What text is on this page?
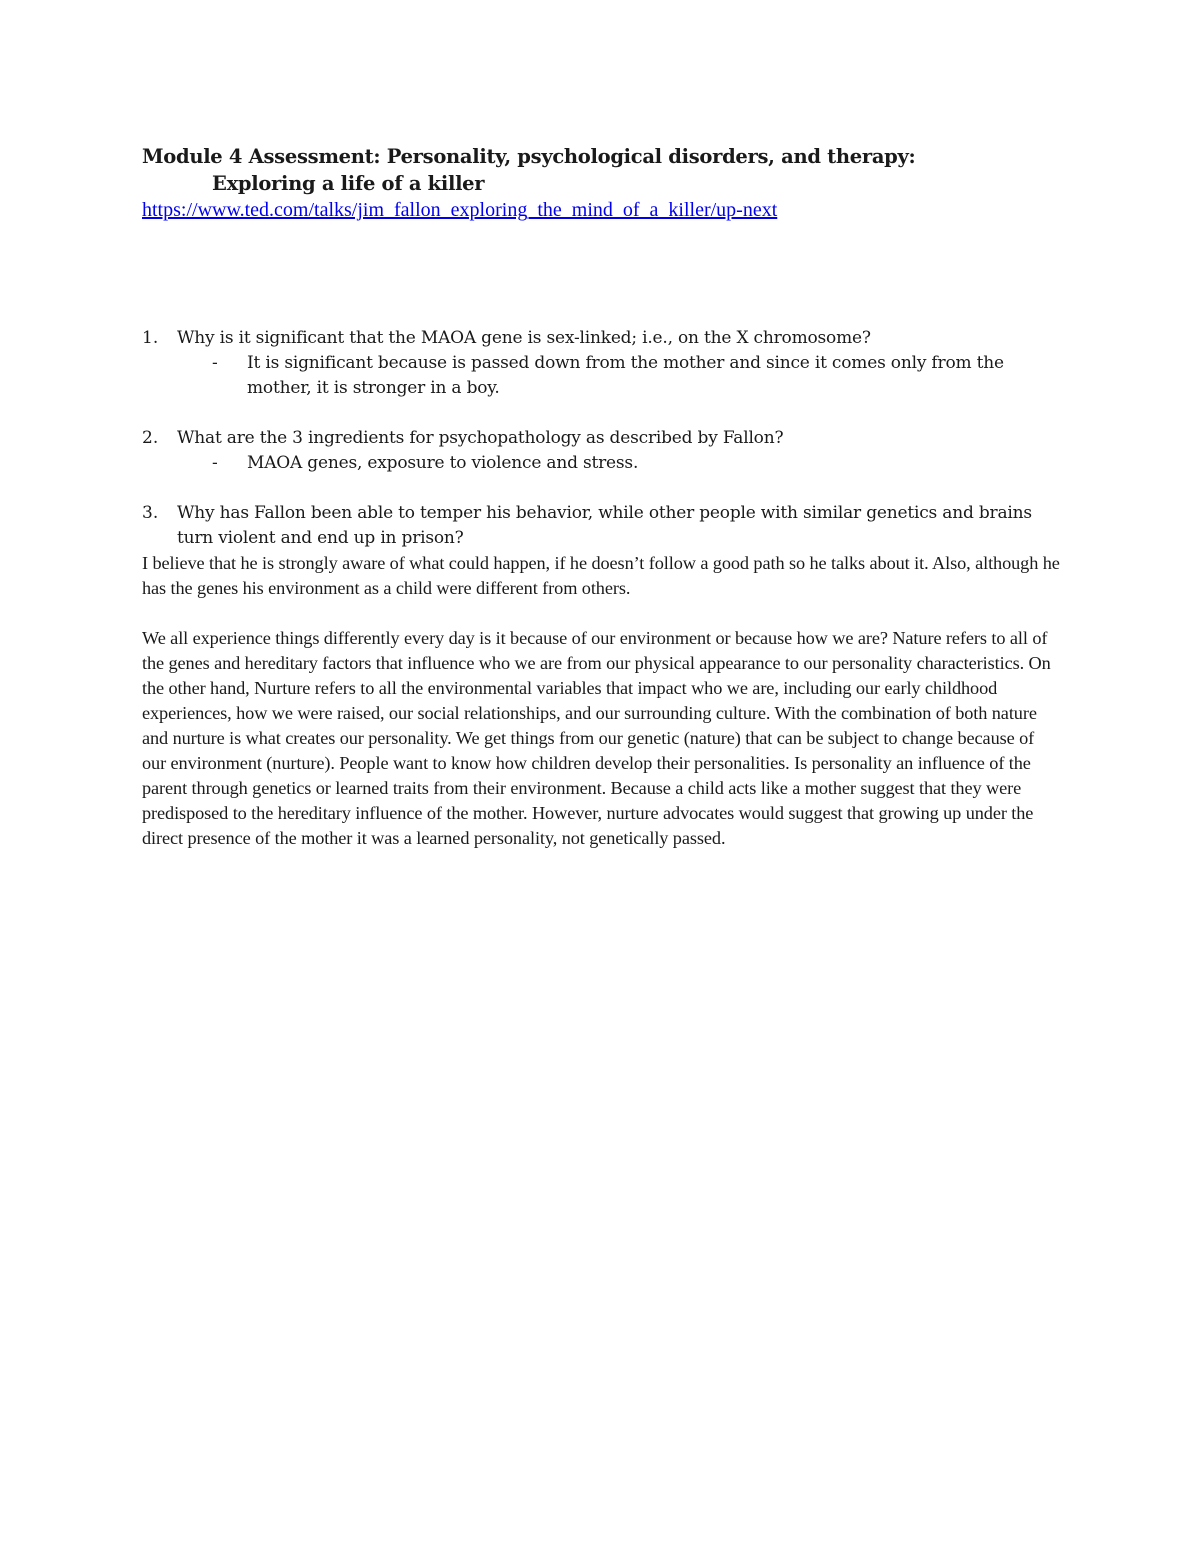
Module 4 Assessment: Personality, psychological disorders, and therapy:
Exploring a life of a killer
https://www.ted.com/talks/jim_fallon_exploring_the_mind_of_a_killer/up-next
1.	Why is it significant that the MAOA gene is sex-linked; i.e., on the X chromosome?
-	It is significant because is passed down from the mother and since it comes only from the mother, it is stronger in a boy.
2.	What are the 3 ingredients for psychopathology as described by Fallon?
-	MAOA genes, exposure to violence and stress.
3.	Why has Fallon been able to temper his behavior, while other people with similar genetics and brains turn violent and end up in prison?

I believe that he is strongly aware of what could happen, if he doesn’t follow a good path so he talks about it. Also, although he has the genes his environment as a child were different from others.

We all experience things differently every day is it because of our environment or because how we are? Nature refers to all of the genes and hereditary factors that influence who we are from our physical appearance to our personality characteristics. On the other hand, Nurture refers to all the environmental variables that impact who we are, including our early childhood experiences, how we were raised, our social relationships, and our surrounding culture. With the combination of both nature and nurture is what creates our personality. We get things from our genetic (nature) that can be subject to change because of our environment (nurture). People want to know how children develop their personalities. Is personality an influence of the parent through genetics or learned traits from their environment. Because a child acts like a mother suggest that they were predisposed to the hereditary influence of the mother. However, nurture advocates would suggest that growing up under the direct presence of the mother it was a learned personality, not genetically passed.
